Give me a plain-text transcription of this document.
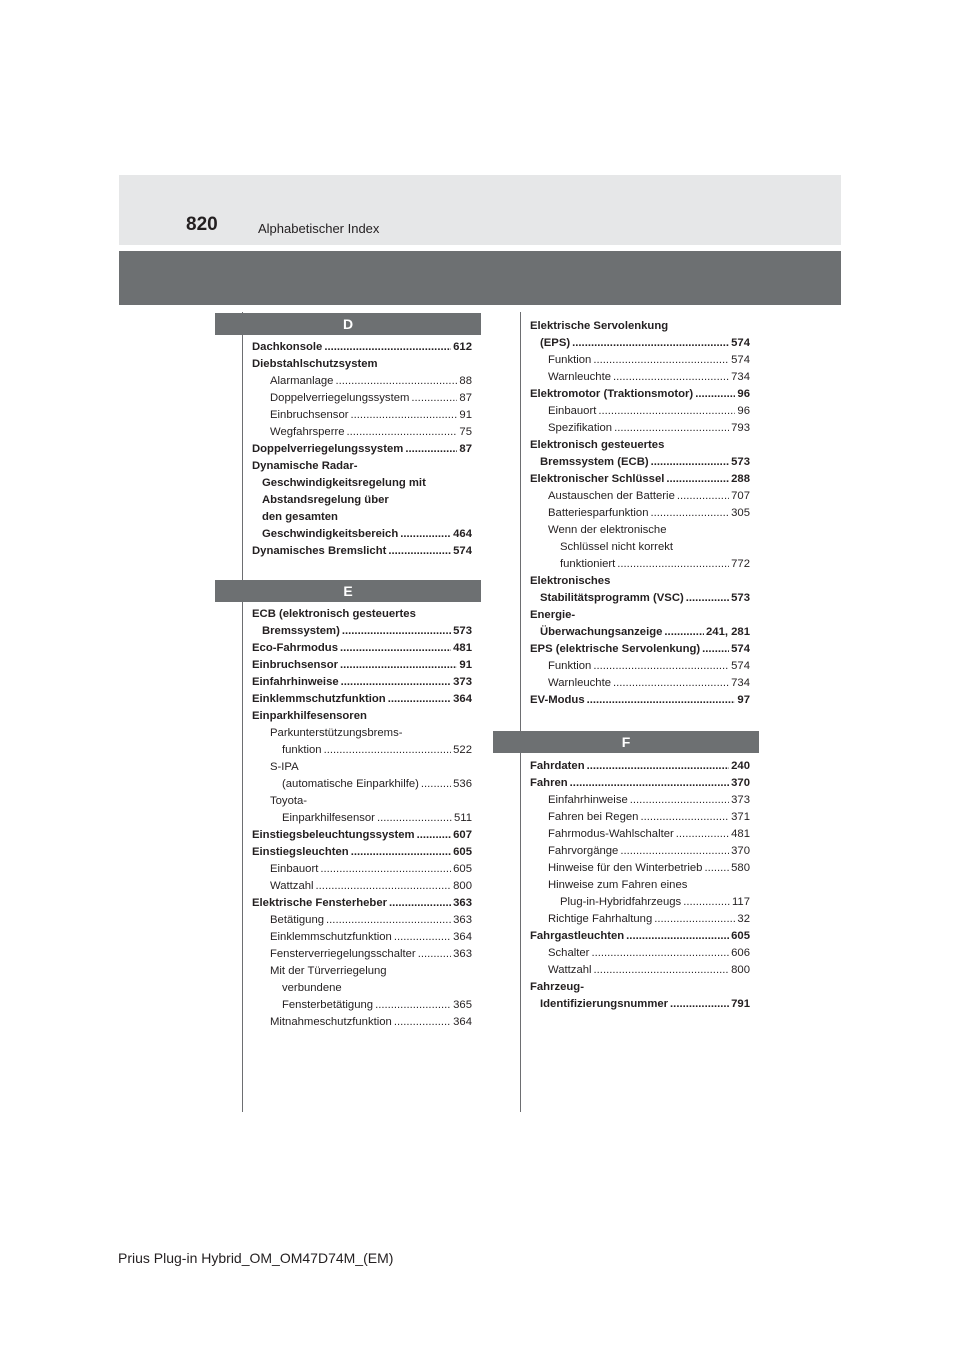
820	Alphabetischer Index
D
Dachkonsole .....	612
Diebstahlschutzsystem
Alarmanlage .....	88
Doppelverriegelungssystem .....	87
Einbruchsensor .....	91
Wegfahrsperre .....	75
Doppelverriegelungssystem .....	87
Dynamische Radar-
Geschwindigkeitsregelung mit
Abstandsregelung über
den gesamten
Geschwindigkeitsbereich .....	464
Dynamisches Bremslicht .....	574
E
ECB (elektronisch gesteuertes
Bremssystem) .....	573
Eco-Fahrmodus .....	481
Einbruchsensor .....	91
Einfahrhinweise .....	373
Einklemmschutzfunktion .....	364
Einparkhilfesensoren
Parkunterstützungsbrems-
funktion .....	522
S-IPA
(automatische Einparkhilfe) .....	536
Toyota-
Einparkhilfesensor .....	511
Einstiegsbeleuchtungssystem .....	607
Einstiegsleuchten .....	605
Einbauort .....	605
Wattzahl .....	800
Elektrische Fensterheber .....	363
Betätigung .....	363
Einklemmschutzfunktion .....	364
Fensterverriegelungsschalter .....	363
Mit der Türverriegelung
verbundene
Fensterbetätigung .....	365
Mitnahmeschutzfunktion .....	364
Elektrische Servolenkung
(EPS) .....	574
Funktion .....	574
Warnleuchte .....	734
Elektromotor (Traktionsmotor) .....	96
Einbauort .....	96
Spezifikation .....	793
Elektronisch gesteuertes
Bremssystem (ECB) .....	573
Elektronischer Schlüssel .....	288
Austauschen der Batterie .....	707
Batteriesparfunktion .....	305
Wenn der elektronische
Schlüssel nicht korrekt
funktioniert .....	772
Elektronisches
Stabilitätsprogramm (VSC) .....	573
Energie-
Überwachungsanzeige .....	241, 281
EPS (elektrische Servolenkung) .....	574
Funktion .....	574
Warnleuchte .....	734
EV-Modus .....	97
F
Fahrdaten .....	240
Fahren .....	370
Einfahrhinweise .....	373
Fahren bei Regen .....	371
Fahrmodus-Wahlschalter .....	481
Fahrvorgänge .....	370
Hinweise für den Winterbetrieb .....	580
Hinweise zum Fahren eines
Plug-in-Hybridfahrzeugs .....	117
Richtige Fahrhaltung .....	32
Fahrgastleuchten .....	605
Schalter .....	606
Wattzahl .....	800
Fahrzeug-
Identifizierungsnummer .....	791
Prius Plug-in Hybrid_OM_OM47D74M_(EM)
